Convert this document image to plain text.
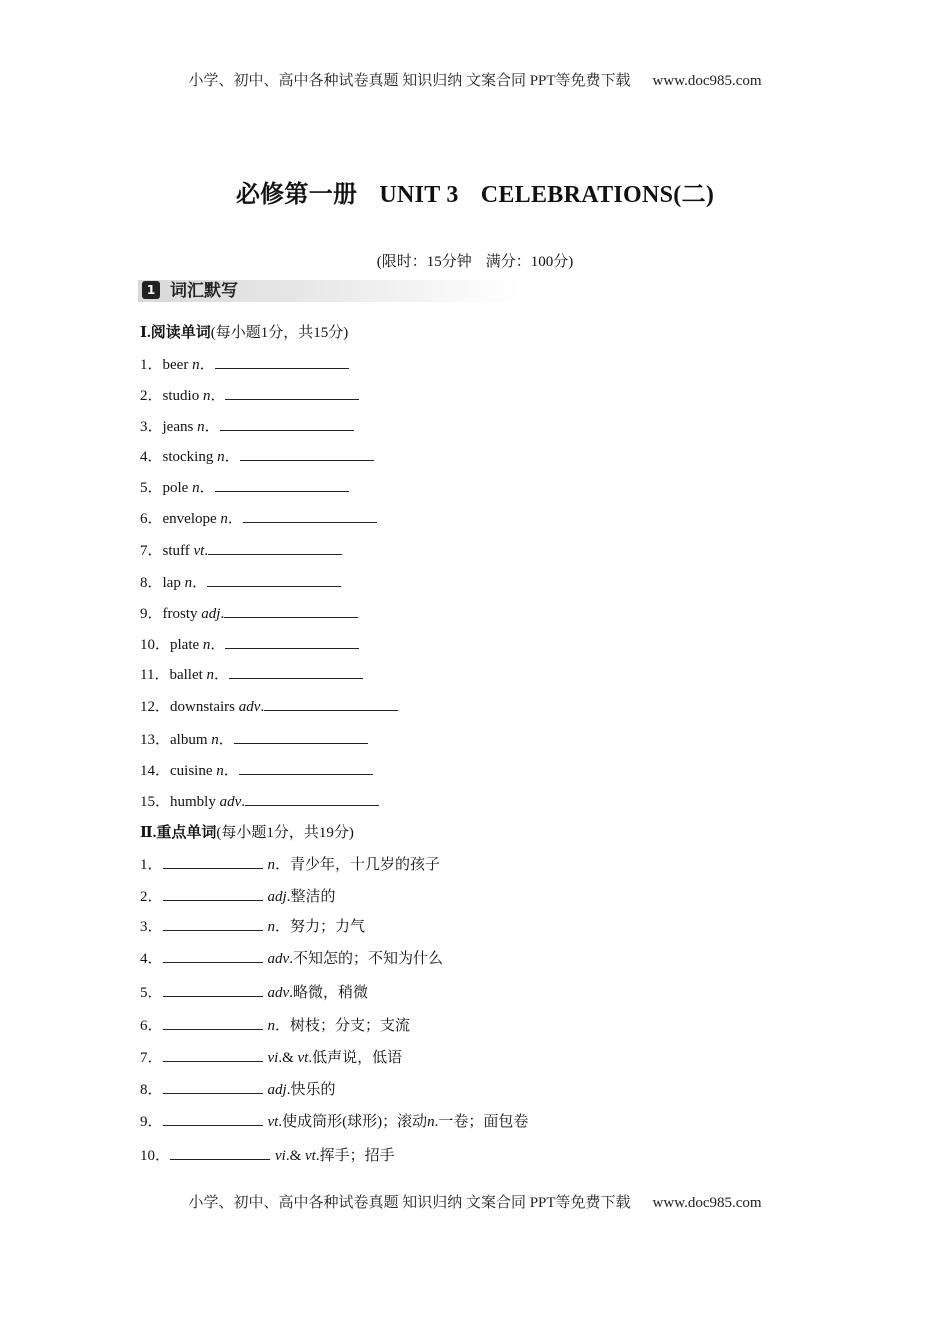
小学、初中、高中各种试卷真题 知识归纳 文案合同 PPT等免费下载 www.doc985.com
必修第一册 UNIT 3 CELEBRATIONS(二)
(限时：15分钟 满分：100分)
1 词汇默写
Ⅰ.阅读单词(每小题1分，共15分)
1．beer n．
2．studio n．
3．jeans n．
4．stocking n．
5．pole n．
6．envelope n．
7．stuff vt.
8．lap n．
9．frosty adj.
10．plate n．
11．ballet n．
12．downstairs adv.
13．album n．
14．cuisine n．
15．humbly adv.
Ⅱ.重点单词(每小题1分，共19分)
1．	n．青少年，十几岁的孩子
2．	adj.整洁的
3．	n．努力；力气
4．	adv.不知怎的；不知为什么
5．	adv.略微，稍微
6．	n．树枝；分支；支流
7．	vi.& vt.低声说，低语
8．	adj.快乐的
9．	vt.使成筒形(球形)；滚动n.一卷；面包卷
10．	vi.& vt.挥手；招手
小学、初中、高中各种试卷真题 知识归纳 文案合同 PPT等免费下载 www.doc985.com
